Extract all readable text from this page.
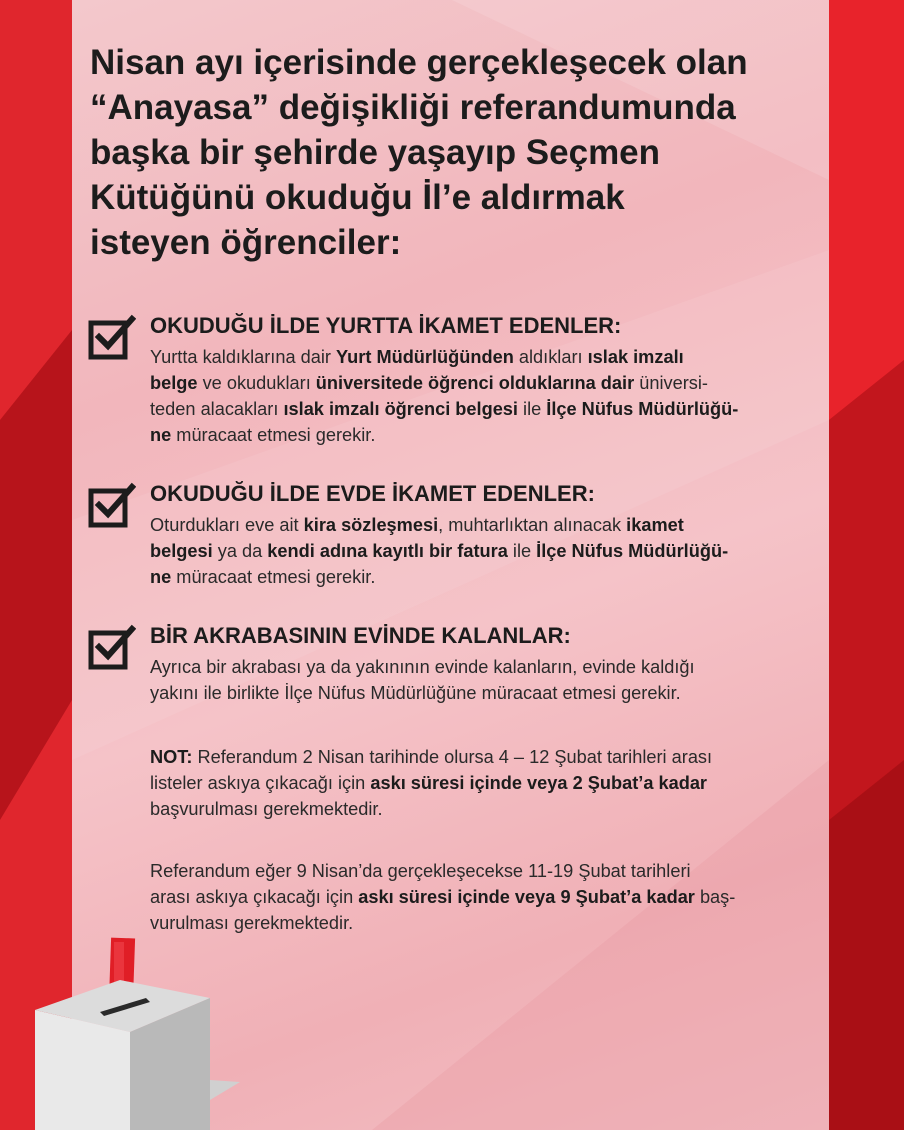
Nisan ayı içerisinde gerçekleşecek olan
“Anayasa” değişikliği referandumunda
başka bir şehirde yaşayıp Seçmen
Kütüğünü okuduğu İl’e aldırmak
isteyen öğrenciler:
OKUDUĞU İLDE YURTTA İKAMET EDENLER:

Yurtta kaldıklarına dair Yurt Müdürlüğünden aldıkları ıslak imzalı
belge ve okudukları üniversitede öğrenci olduklarına dair üniversi-
teden alacakları ıslak imzalı öğrenci belgesi ile İlçe Nüfus Müdürlüğü-
ne müracaat etmesi gerekir.

OKUDUĞU İLDE EVDE İKAMET EDENLER:

Oturdukları eve ait kira sözleşmesi, muhtarlıktan alınacak ikamet
belgesi ya da kendi adına kayıtlı bir fatura ile İlçe Nüfus Müdürlüğü-
ne müracaat etmesi gerekir.

BİR AKRABASININ EVİNDE KALANLAR:

Ayrıca bir akrabası ya da yakınının evinde kalanların, evinde kaldığı
yakını ile birlikte İlçe Nüfus Müdürlüğüne müracaat etmesi gerekir.

NOT: Referandum 2 Nisan tarihinde olursa 4 – 12 Şubat tarihleri arası
listeler askıya çıkacağı için askı süresi içinde veya 2 Şubat’a kadar
başvurulması gerekmektedir.

Referandum eğer 9 Nisan’da gerçekleşecekse 11-19 Şubat tarihleri
arası askıya çıkacağı için askı süresi içinde veya 9 Şubat’a kadar baş-
vurulması gerekmektedir.
